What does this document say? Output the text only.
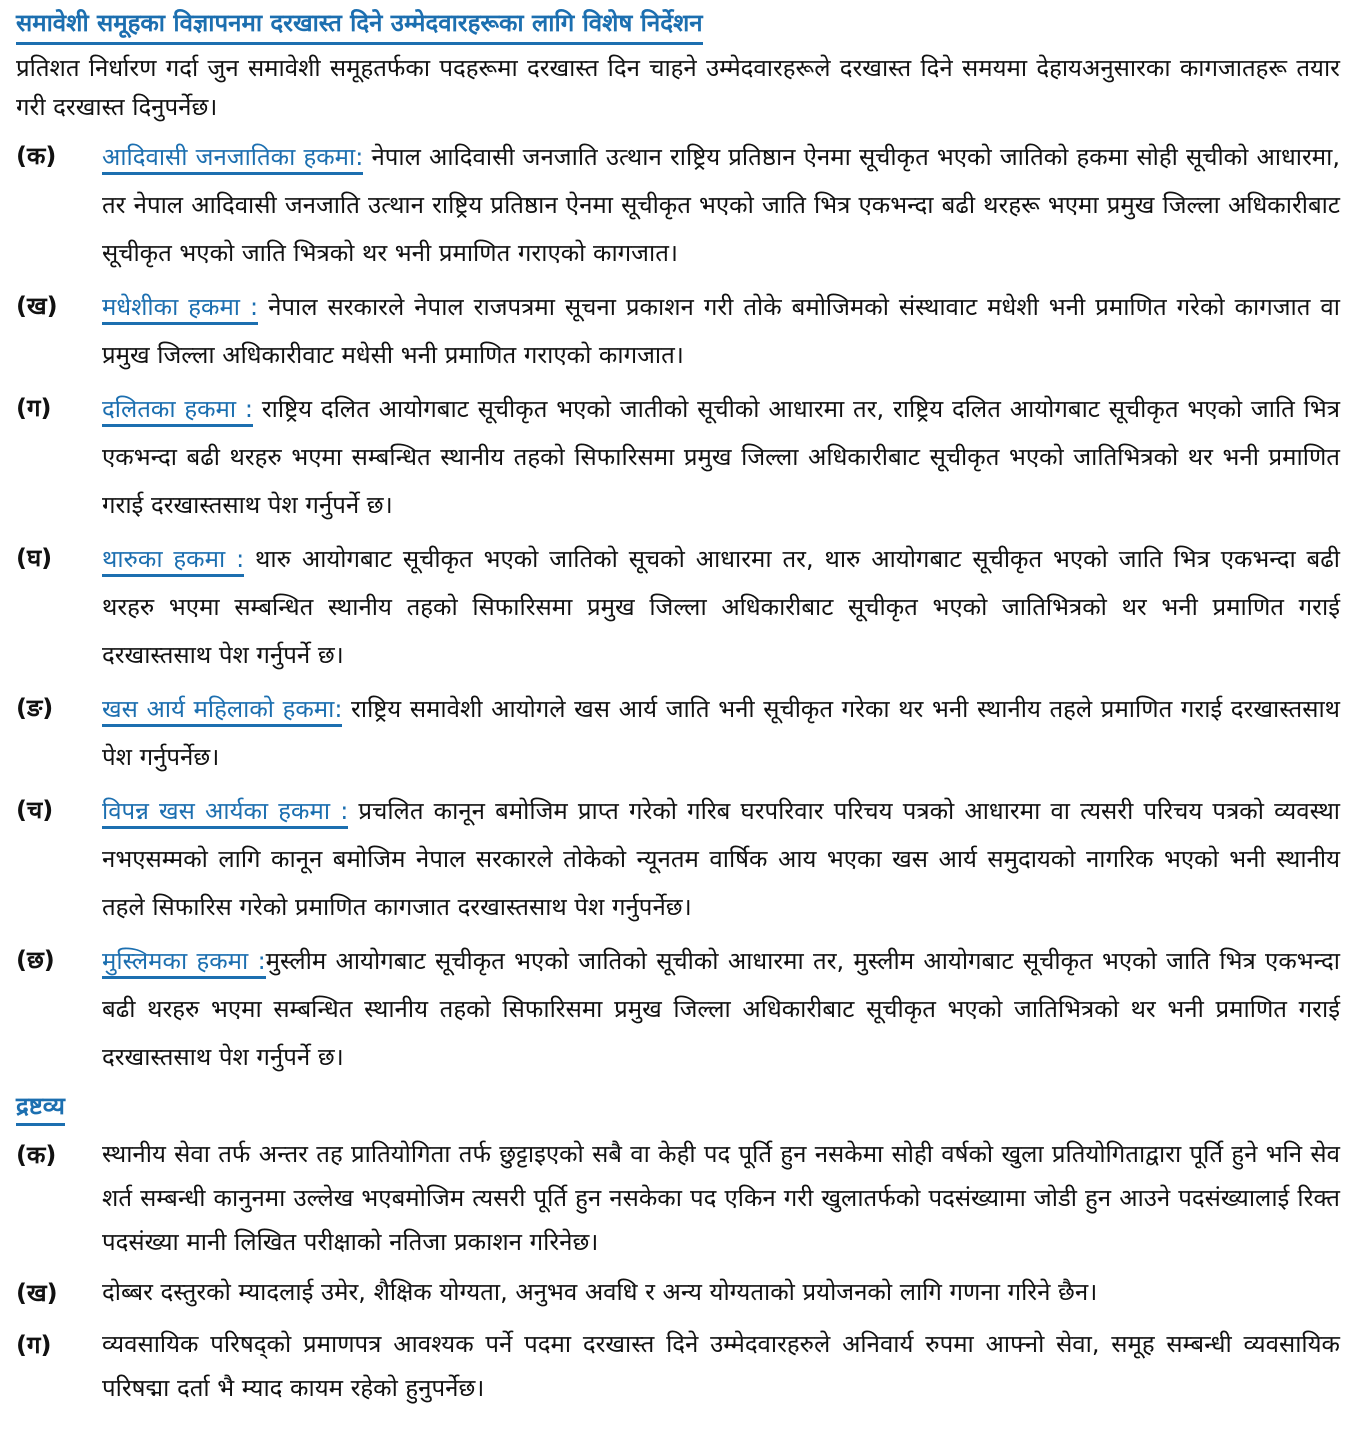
समावेशी समूहका विज्ञापनमा दरखास्त दिने उम्मेदवारहरूका लागि विशेष निर्देशन
प्रतिशत निर्धारण गर्दा जुन समावेशी समूहतर्फका पदहरूमा दरखास्त दिन चाहने उम्मेदवारहरूले दरखास्त दिने समयमा देहायअनुसारका कागजातहरू तयार गरी दरखास्त दिनुपर्नेछ।
(क)	आदिवासी जनजातिका हकमा: नेपाल आदिवासी जनजाति उत्थान राष्ट्रिय प्रतिष्ठान ऐनमा सूचीकृत भएको जातिको हकमा सोही सूचीको आधारमा, तर नेपाल आदिवासी जनजाति उत्थान राष्ट्रिय प्रतिष्ठान ऐनमा सूचीकृत भएको जाति भित्र एकभन्दा बढी थरहरू भएमा प्रमुख जिल्ला अधिकारीबाट सूचीकृत भएको जाति भित्रको थर भनी प्रमाणित गराएको कागजात।
(ख)	मधेशीका हकमा : नेपाल सरकारले नेपाल राजपत्रमा सूचना प्रकाशन गरी तोके बमोजिमको संस्थावाट मधेशी भनी प्रमाणित गरेको कागजात वा प्रमुख जिल्ला अधिकारीवाट मधेसी भनी प्रमाणित गराएको कागजात।
(ग)	दलितका हकमा : राष्ट्रिय दलित आयोगबाट सूचीकृत भएको जातीको सूचीको आधारमा तर, राष्ट्रिय दलित आयोगबाट सूचीकृत भएको जाति भित्र एकभन्दा बढी थरहरु भएमा सम्बन्धित स्थानीय तहको सिफारिसमा प्रमुख जिल्ला अधिकारीबाट सूचीकृत भएको जातिभित्रको थर भनी प्रमाणित गराई दरखास्तसाथ पेश गर्नुपर्ने छ।
(घ)	थारुका हकमा : थारु आयोगबाट सूचीकृत भएको जातिको सूचको आधारमा तर, थारु आयोगबाट सूचीकृत भएको जाति भित्र एकभन्दा बढी थरहरु भएमा सम्बन्धित स्थानीय तहको सिफारिसमा प्रमुख जिल्ला अधिकारीबाट सूचीकृत भएको जातिभित्रको थर भनी प्रमाणित गराई दरखास्तसाथ पेश गर्नुपर्ने छ।
(ङ)	खस आर्य महिलाको हकमा: राष्ट्रिय समावेशी आयोगले खस आर्य जाति भनी सूचीकृत गरेका थर भनी स्थानीय तहले प्रमाणित गराई दरखास्तसाथ पेश गर्नुपर्नेछ।
(च)	विपन्न खस आर्यका हकमा : प्रचलित कानून बमोजिम प्राप्त गरेको गरिब घरपरिवार परिचय पत्रको आधारमा वा त्यसरी परिचय पत्रको व्यवस्था नभएसम्मको लागि कानून बमोजिम नेपाल सरकारले तोकेको न्यूनतम वार्षिक आय भएका खस आर्य समुदायको नागरिक भएको भनी स्थानीय तहले सिफारिस गरेको प्रमाणित कागजात दरखास्तसाथ पेश गर्नुपर्नेछ।
(छ)	मुस्लिमका हकमा :मुस्लीम आयोगबाट सूचीकृत भएको जातिको सूचीको आधारमा तर, मुस्लीम आयोगबाट सूचीकृत भएको जाति भित्र एकभन्दा बढी थरहरु भएमा सम्बन्धित स्थानीय तहको सिफारिसमा प्रमुख जिल्ला अधिकारीबाट सूचीकृत भएको जातिभित्रको थर भनी प्रमाणित गराई दरखास्तसाथ पेश गर्नुपर्ने छ।
द्रष्टव्य
(क)	स्थानीय सेवा तर्फ अन्तर तह प्रातियोगिता तर्फ छुट्टाइएको सबै वा केही पद पूर्ति हुन नसकेमा सोही वर्षको खुला प्रतियोगिताद्वारा पूर्ति हुने भनि सेव शर्त सम्बन्धी कानुनमा उल्लेख भएबमोजिम त्यसरी पूर्ति हुन नसकेका पद एकिन गरी खुलातर्फको पदसंख्यामा जोडी हुन आउने पदसंख्यालाई रिक्त पदसंख्या मानी लिखित परीक्षाको नतिजा प्रकाशन गरिनेछ।
(ख)	दोब्बर दस्तुरको म्यादलाई उमेर, शैक्षिक योग्यता, अनुभव अवधि र अन्य योग्यताको प्रयोजनको लागि गणना गरिने छैन।
(ग)	व्यवसायिक परिषद्को प्रमाणपत्र आवश्यक पर्ने पदमा दरखास्त दिने उम्मेदवारहरुले अनिवार्य रुपमा आफ्नो सेवा, समूह सम्बन्धी व्यवसायिक परिषद्मा दर्ता भै म्याद कायम रहेको हुनुपर्नेछ।
